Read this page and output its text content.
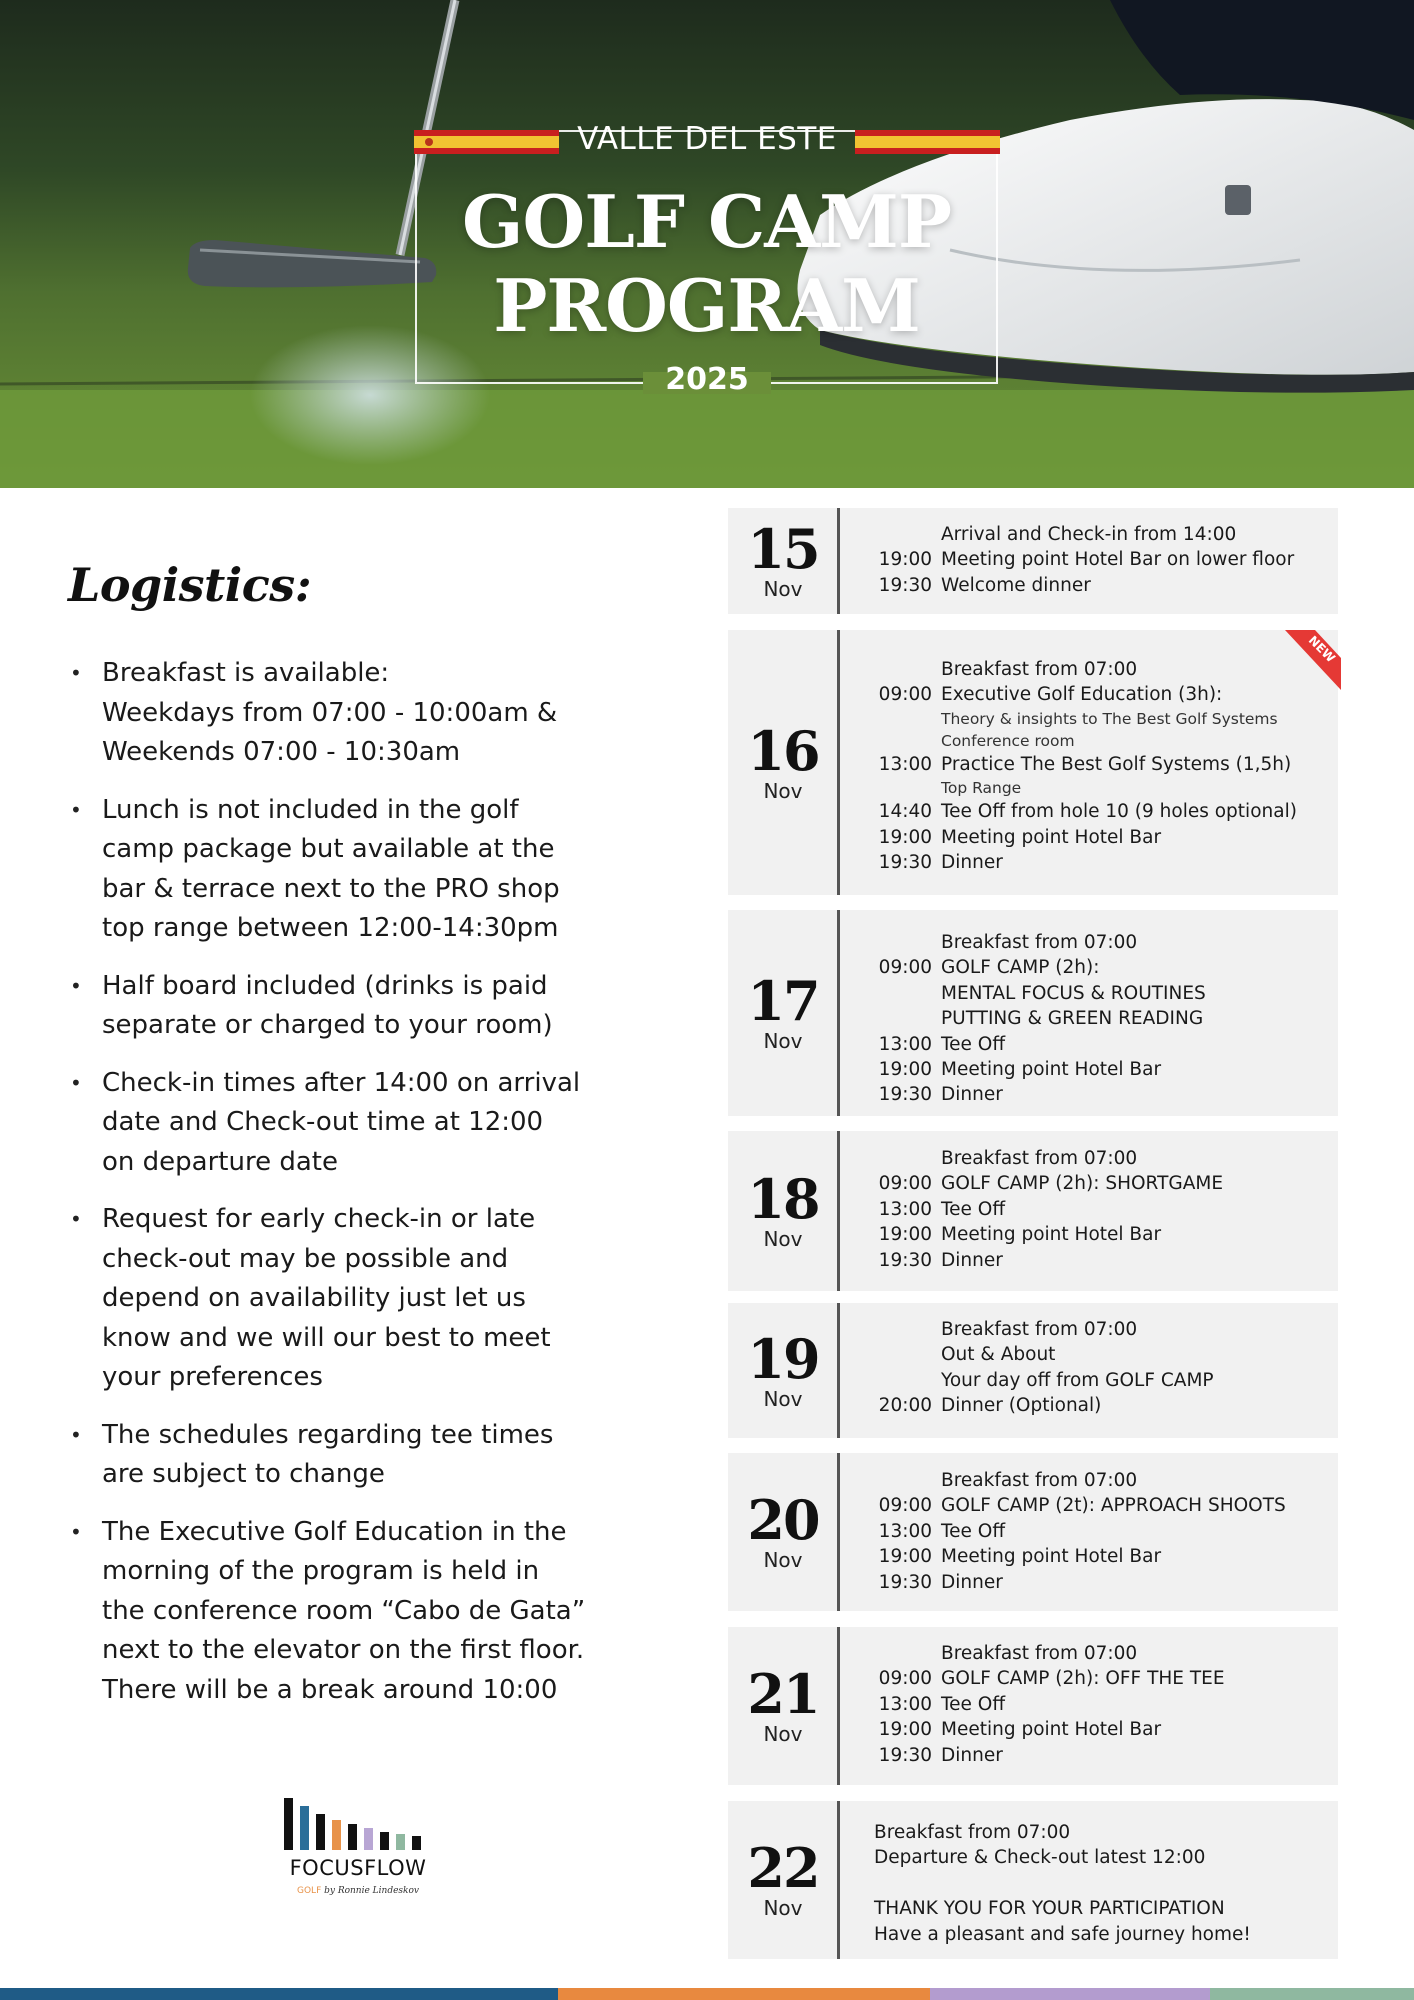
VALLE DEL ESTE
GOLF CAMP
PROGRAM
2025
Logistics:
• Breakfast is available:
Weekdays from 07:00 - 10:00am &
Weekends 07:00 - 10:30am
• Lunch is not included in the golf
camp package but available at the
bar & terrace next to the PRO shop
top range between 12:00-14:30pm
• Half board included (drinks is paid
separate or charged to your room)
• Check-in times after 14:00 on arrival
date and Check-out time at 12:00
on departure date
• Request for early check-in or late
check-out may be possible and
depend on availability just let us
know and we will our best to meet
your preferences
• The schedules regarding tee times
are subject to change
• The Executive Golf Education in the
morning of the program is held in
the conference room “Cabo de Gata”
next to the elevator on the first floor.
There will be a break around 10:00
FOCUSFLOW
GOLF by Ronnie Lindeskov
15
Nov
Arrival and Check-in from 14:00
19:00 Meeting point Hotel Bar on lower floor
19:30 Welcome dinner
16
Nov
Breakfast from 07:00
09:00 Executive Golf Education (3h):
Theory & insights to The Best Golf Systems
Conference room
13:00 Practice The Best Golf Systems (1,5h)
Top Range
14:40 Tee Off from hole 10 (9 holes optional)
19:00 Meeting point Hotel Bar
19:30 Dinner
NEW
17
Nov
Breakfast from 07:00
09:00 GOLF CAMP (2h):
MENTAL FOCUS & ROUTINES
PUTTING & GREEN READING
13:00 Tee Off
19:00 Meeting point Hotel Bar
19:30 Dinner
18
Nov
Breakfast from 07:00
09:00 GOLF CAMP (2h): SHORTGAME
13:00 Tee Off
19:00 Meeting point Hotel Bar
19:30 Dinner
19
Nov
Breakfast from 07:00
Out & About
Your day off from GOLF CAMP
20:00 Dinner (Optional)
20
Nov
Breakfast from 07:00
09:00 GOLF CAMP (2t): APPROACH SHOOTS
13:00 Tee Off
19:00 Meeting point Hotel Bar
19:30 Dinner
21
Nov
Breakfast from 07:00
09:00 GOLF CAMP (2h): OFF THE TEE
13:00 Tee Off
19:00 Meeting point Hotel Bar
19:30 Dinner
22
Nov
Breakfast from 07:00
Departure & Check-out latest 12:00
THANK YOU FOR YOUR PARTICIPATION
Have a pleasant and safe journey home!
